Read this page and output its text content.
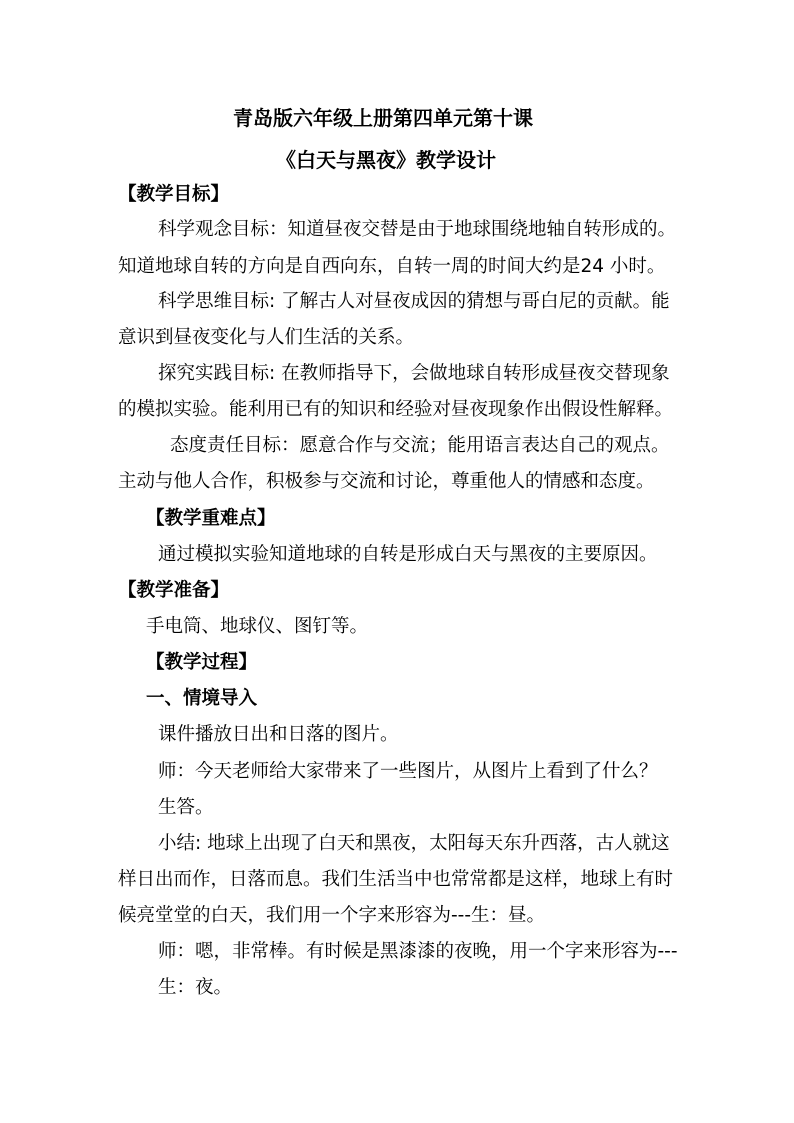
青岛版六年级上册第四单元第十课
《白天与黑夜》教学设计
【教学目标】
科学观念目标：知道昼夜交替是由于地球围绕地轴自转形成的。
知道地球自转的方向是自西向东，自转一周的时间大约是24 小时。
科学思维目标: 了解古人对昼夜成因的猜想与哥白尼的贡献。能
意识到昼夜变化与人们生活的关系。
探究实践目标: 在教师指导下，会做地球自转形成昼夜交替现象
的模拟实验。能利用已有的知识和经验对昼夜现象作出假设性解释。
态度责任目标：愿意合作与交流；能用语言表达自己的观点。
主动与他人合作，积极参与交流和讨论，尊重他人的情感和态度。
【教学重难点】
通过模拟实验知道地球的自转是形成白天与黑夜的主要原因。
【教学准备】
手电筒、地球仪、图钉等。
【教学过程】
一、情境导入
课件播放日出和日落的图片。
师：今天老师给大家带来了一些图片，从图片上看到了什么？
生答。
小结: 地球上出现了白天和黑夜，太阳每天东升西落，古人就这
样日出而作，日落而息。我们生活当中也常常都是这样，地球上有时
候亮堂堂的白天，我们用一个字来形容为---生：昼。
师：嗯，非常棒。有时候是黑漆漆的夜晚，用一个字来形容为---
生：夜。
